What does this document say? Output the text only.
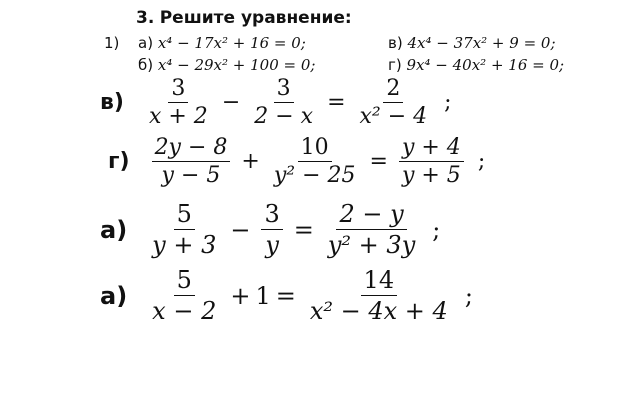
3. Решите уравнение:
1) а) x⁴ − 17x² + 16 = 0;	в) 4x⁴ − 37x² + 9 = 0;
б) x⁴ − 29x² + 100 = 0;	г) 9x⁴ − 40x² + 16 = 0;
$в) \frac{3}{x + 2} - \frac{3}{2 - x} = \frac{2}{\text{x² − 4}}$ ;
$г) \frac{2y - 8}{y - 5} + \frac{10}{\text{y² − 25}} = \frac{y + 4}{y + 5}$ ;
$а) \frac{5}{y + 3} - \frac{3}{y} = \frac{2 - y}{\text{y² + 3y}}$ ;
$а) \frac{5}{x - 2} + 1 = \frac{14}{\text{x² − 4x + 4}}$ ;
